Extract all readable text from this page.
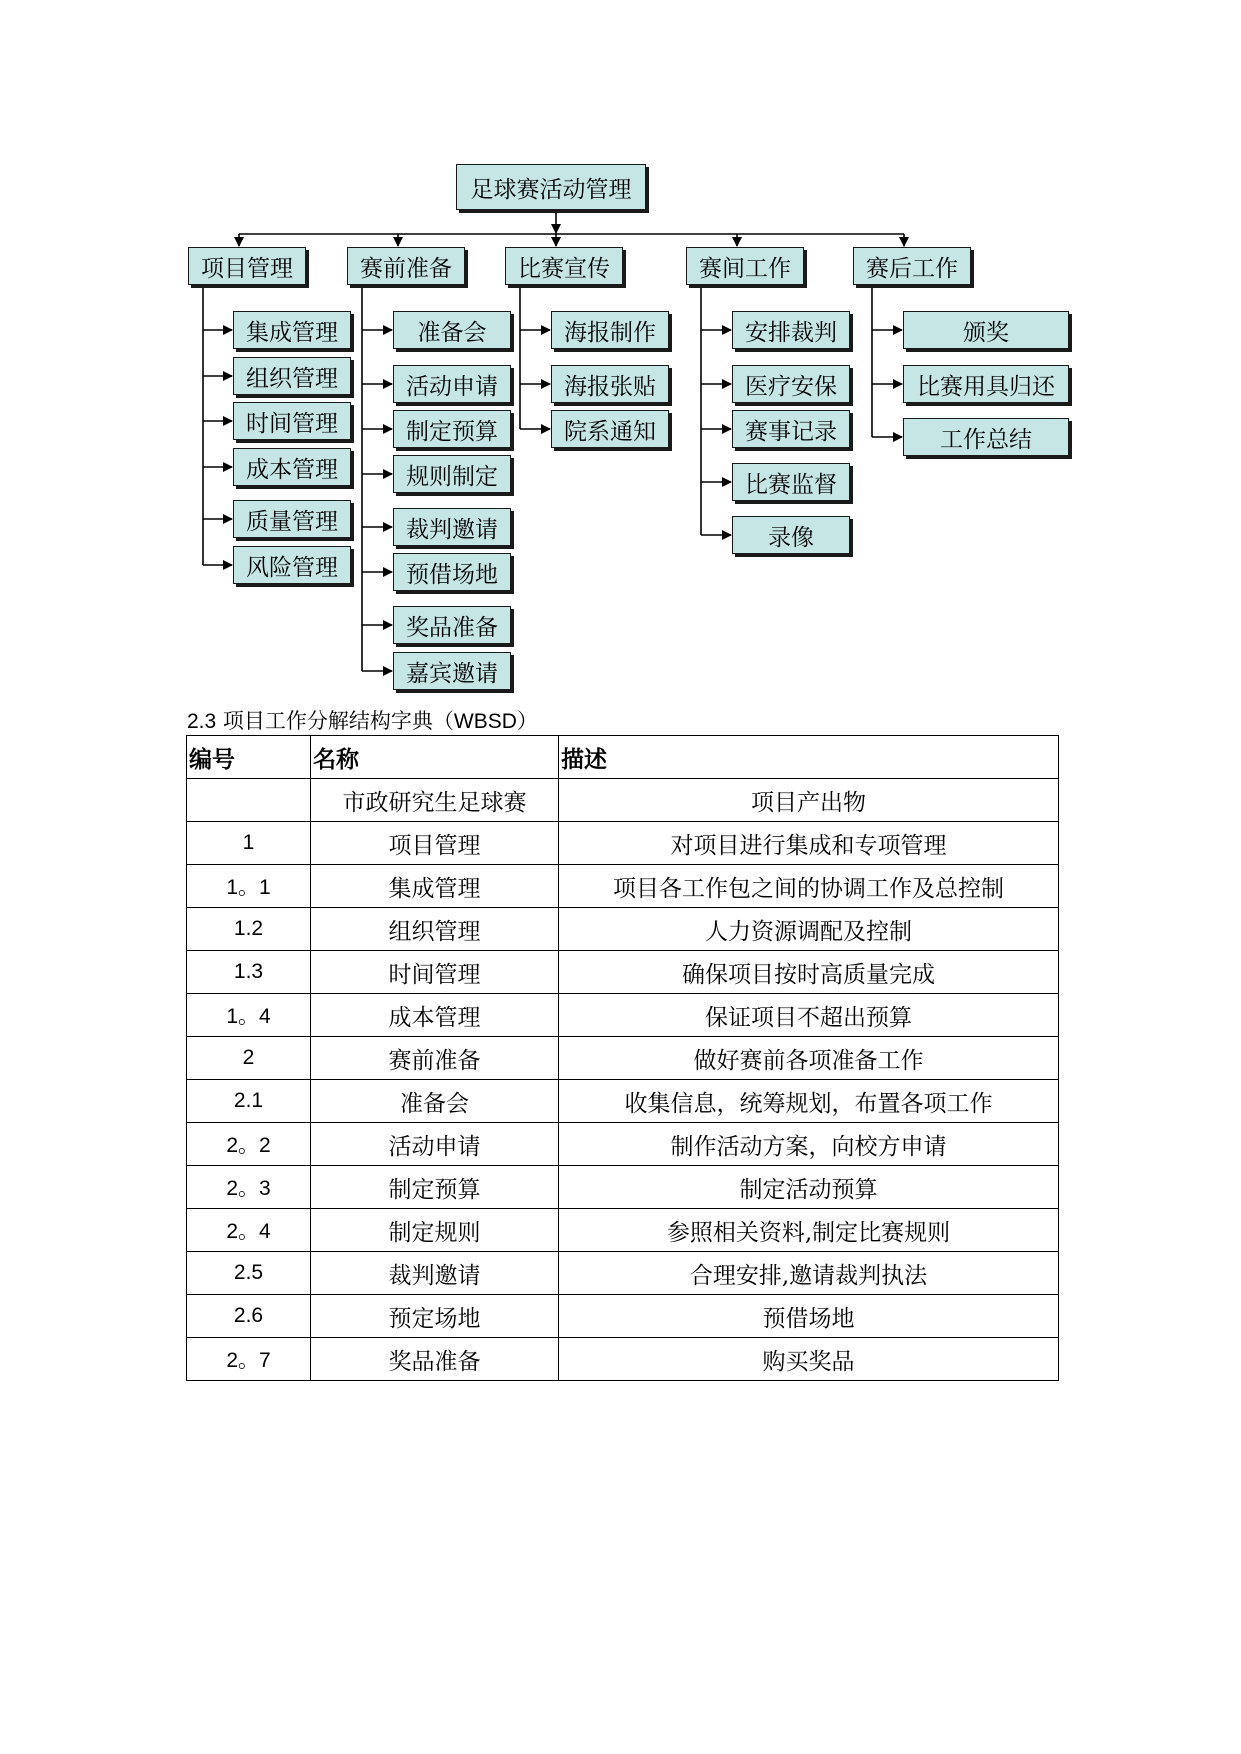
足球赛活动管理
项目管理
集成管理
组织管理
时间管理
成本管理
质量管理
风险管理
赛前准备
准备会
活动申请
制定预算
规则制定
裁判邀请
预借场地
奖品准备
嘉宾邀请
比赛宣传
海报制作
海报张贴
院系通知
赛间工作
安排裁判
医疗安保
赛事记录
比赛监督
录像
赛后工作
颁奖
比赛用具归还
工作总结
2.3 项目工作分解结构字典（WBSD）
编号	名称	描述
	市政研究生足球赛	项目产出物
1	项目管理	对项目进行集成和专项管理
1。1	集成管理	项目各工作包之间的协调工作及总控制
1.2	组织管理	人力资源调配及控制
1.3	时间管理	确保项目按时高质量完成
1。4	成本管理	保证项目不超出预算
2	赛前准备	做好赛前各项准备工作
2.1	准备会	收集信息，统筹规划，布置各项工作
2。2	活动申请	制作活动方案，向校方申请
2。3	制定预算	制定活动预算
2。4	制定规则	参照相关资料,制定比赛规则
2.5	裁判邀请	合理安排,邀请裁判执法
2.6	预定场地	预借场地
2。7	奖品准备	购买奖品
